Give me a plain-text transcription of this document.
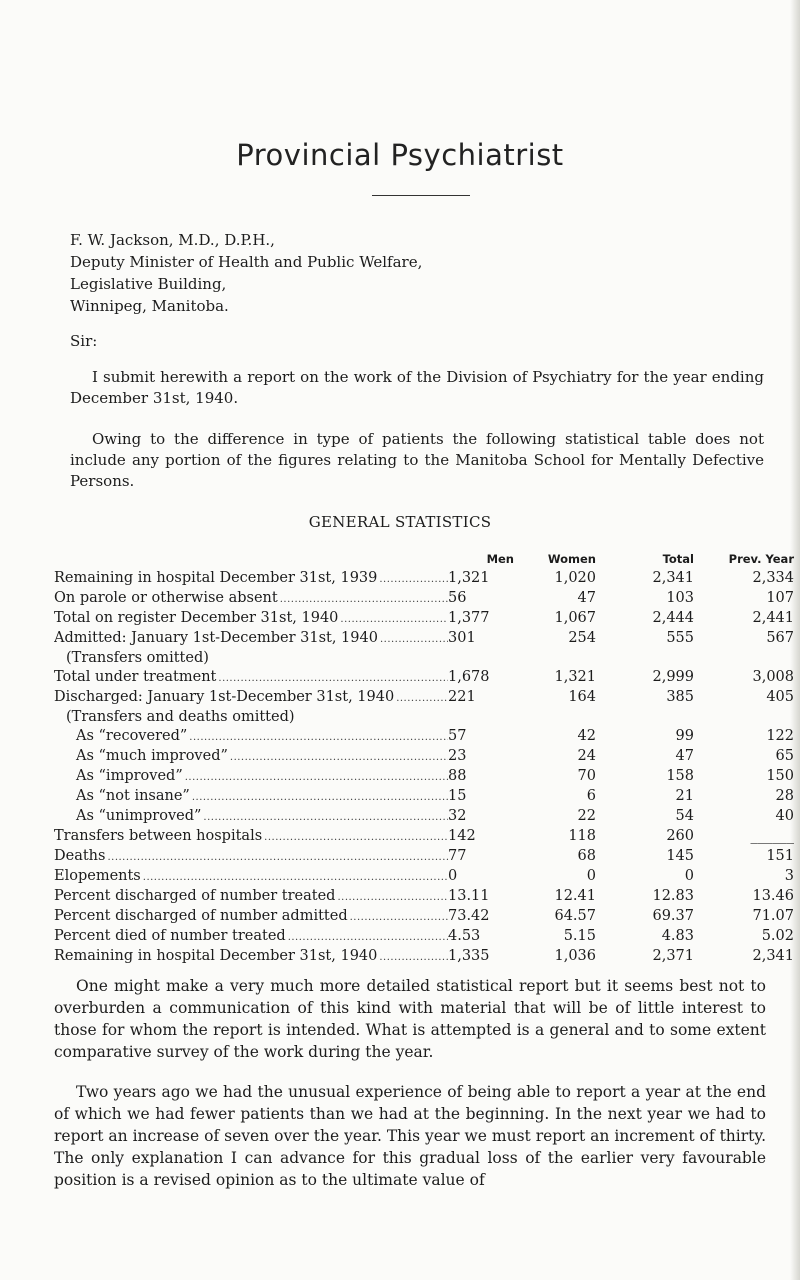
Provincial Psychiatrist
F. W. Jackson, M.D., D.P.H.,
Deputy Minister of Health and Public Welfare,
Legislative Building,
Winnipeg, Manitoba.
Sir:
I submit herewith a report on the work of the Division of Psychiatry for the year ending December 31st, 1940.
Owing to the difference in type of patients the following statistical table does not include any portion of the figures relating to the Manitoba School for Mentally Defective Persons.
GENERAL STATISTICS
	Men	Women	Total	Prev. Year

Remaining in hospital December 31st, 1939 .....	1,321	1,020	2,341	2,334

On parole or otherwise absent .....	56	47	103	107

Total on register December 31st, 1940 .....	1,377	1,067	2,444	2,441

Admitted: January 1st-December 31st, 1940 .....	301	254	555	567

(Transfers omitted)				

Total under treatment .....	1,678	1,321	2,999	3,008

Discharged: January 1st-December 31st, 1940 .....	221	164	385	405

(Transfers and deaths omitted)				

As “recovered” .....	57	42	99	122

As “much improved” .....	23	24	47	65

As “improved” .....	88	70	158	150

As “not insane” .....	15	6	21	28

As “unimproved” .....	32	22	54	40

Transfers between hospitals .....	142	118	260	______

Deaths .....	77	68	145	151

Elopements .....	0	0	0	3

Percent discharged of number treated .....	13.11	12.41	12.83	13.46

Percent discharged of number admitted .....	73.42	64.57	69.37	71.07

Percent died of number treated .....	4.53	5.15	4.83	5.02

Remaining in hospital December 31st, 1940 .....	1,335	1,036	2,371	2,341
One might make a very much more detailed statistical report but it seems best not to overburden a communication of this kind with material that will be of little interest to those for whom the report is intended. What is attempted is a general and to some extent comparative survey of the work during the year.
Two years ago we had the unusual experience of being able to report a year at the end of which we had fewer patients than we had at the beginning. In the next year we had to report an increase of seven over the year. This year we must report an increment of thirty. The only explanation I can advance for this gradual loss of the earlier very favourable position is a revised opinion as to the ultimate value of
